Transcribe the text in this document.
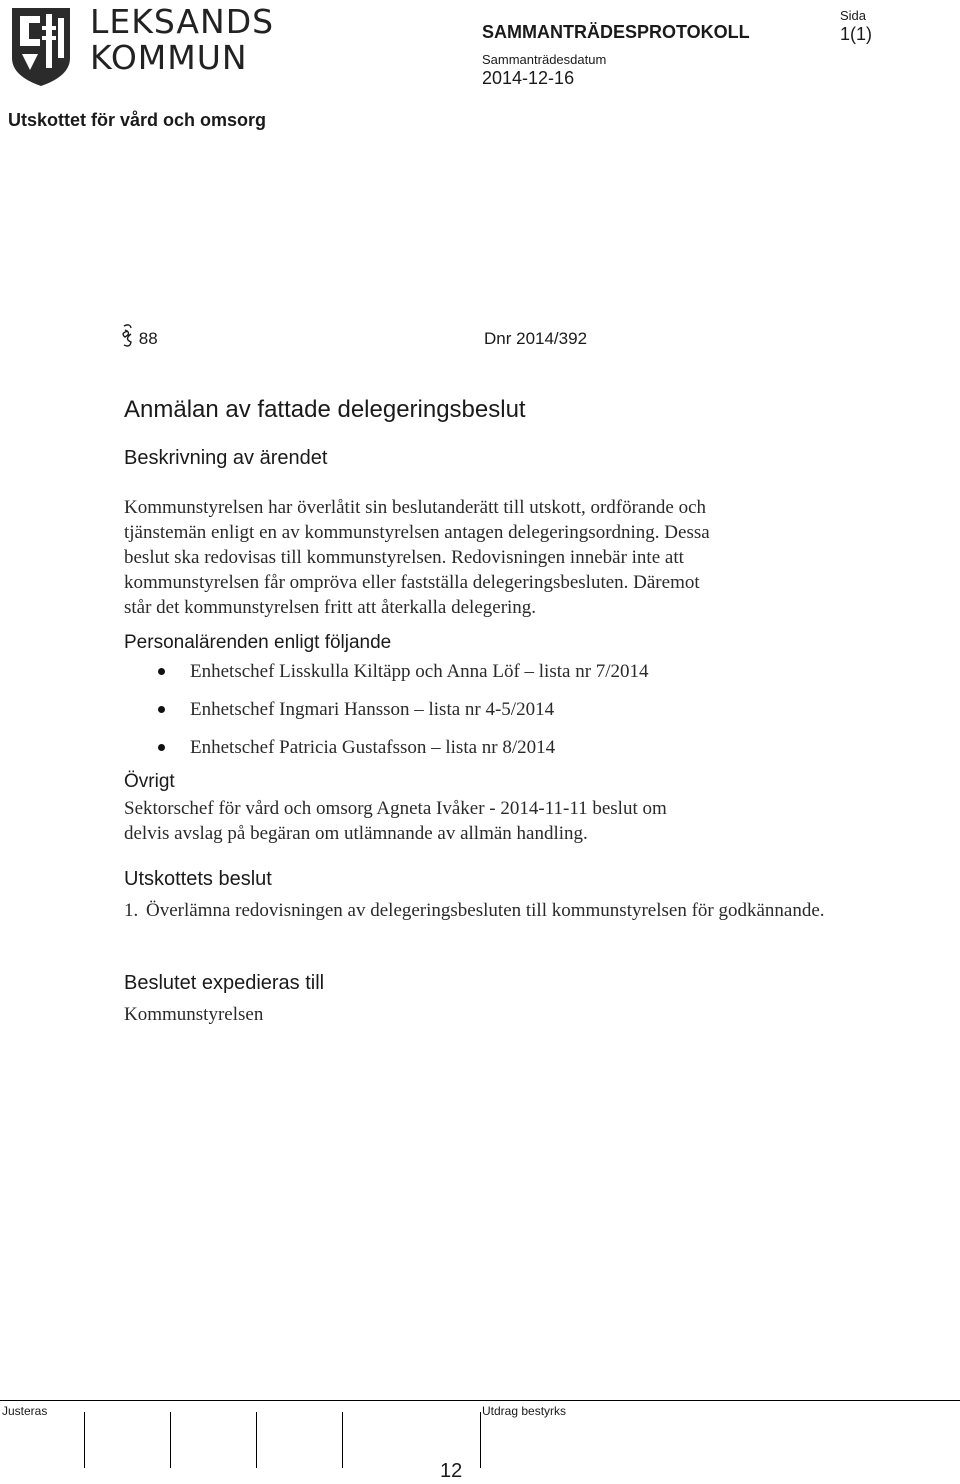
LEKSANDS
KOMMUN
SAMMANTRÄDESPROTOKOLL
Sida
1(1)
Sammanträdesdatum
2014-12-16
Utskottet för vård och omsorg
88	Dnr 2014/392
Anmälan av fattade delegeringsbeslut
Beskrivning av ärendet
Kommunstyrelsen har överlåtit sin beslutanderätt till utskott, ordförande och
tjänstemän enligt en av kommunstyrelsen antagen delegeringsordning. Dessa
beslut ska redovisas till kommunstyrelsen. Redovisningen innebär inte att
kommunstyrelsen får ompröva eller fastställa delegeringsbesluten. Däremot
står det kommunstyrelsen fritt att återkalla delegering.
Personalärenden enligt följande
Enhetschef Lisskulla Kiltäpp och Anna Löf – lista nr 7/2014
Enhetschef Ingmari Hansson – lista nr 4-5/2014
Enhetschef Patricia Gustafsson – lista nr 8/2014
Övrigt
Sektorschef för vård och omsorg Agneta Ivåker - 2014-11-11 beslut om
delvis avslag på begäran om utlämnande av allmän handling.
Utskottets beslut
1. Överlämna redovisningen av delegeringsbesluten till kommunstyrelsen för godkännande.
Beslutet expedieras till
Kommunstyrelsen
Justeras	Utdrag bestyrks
12
